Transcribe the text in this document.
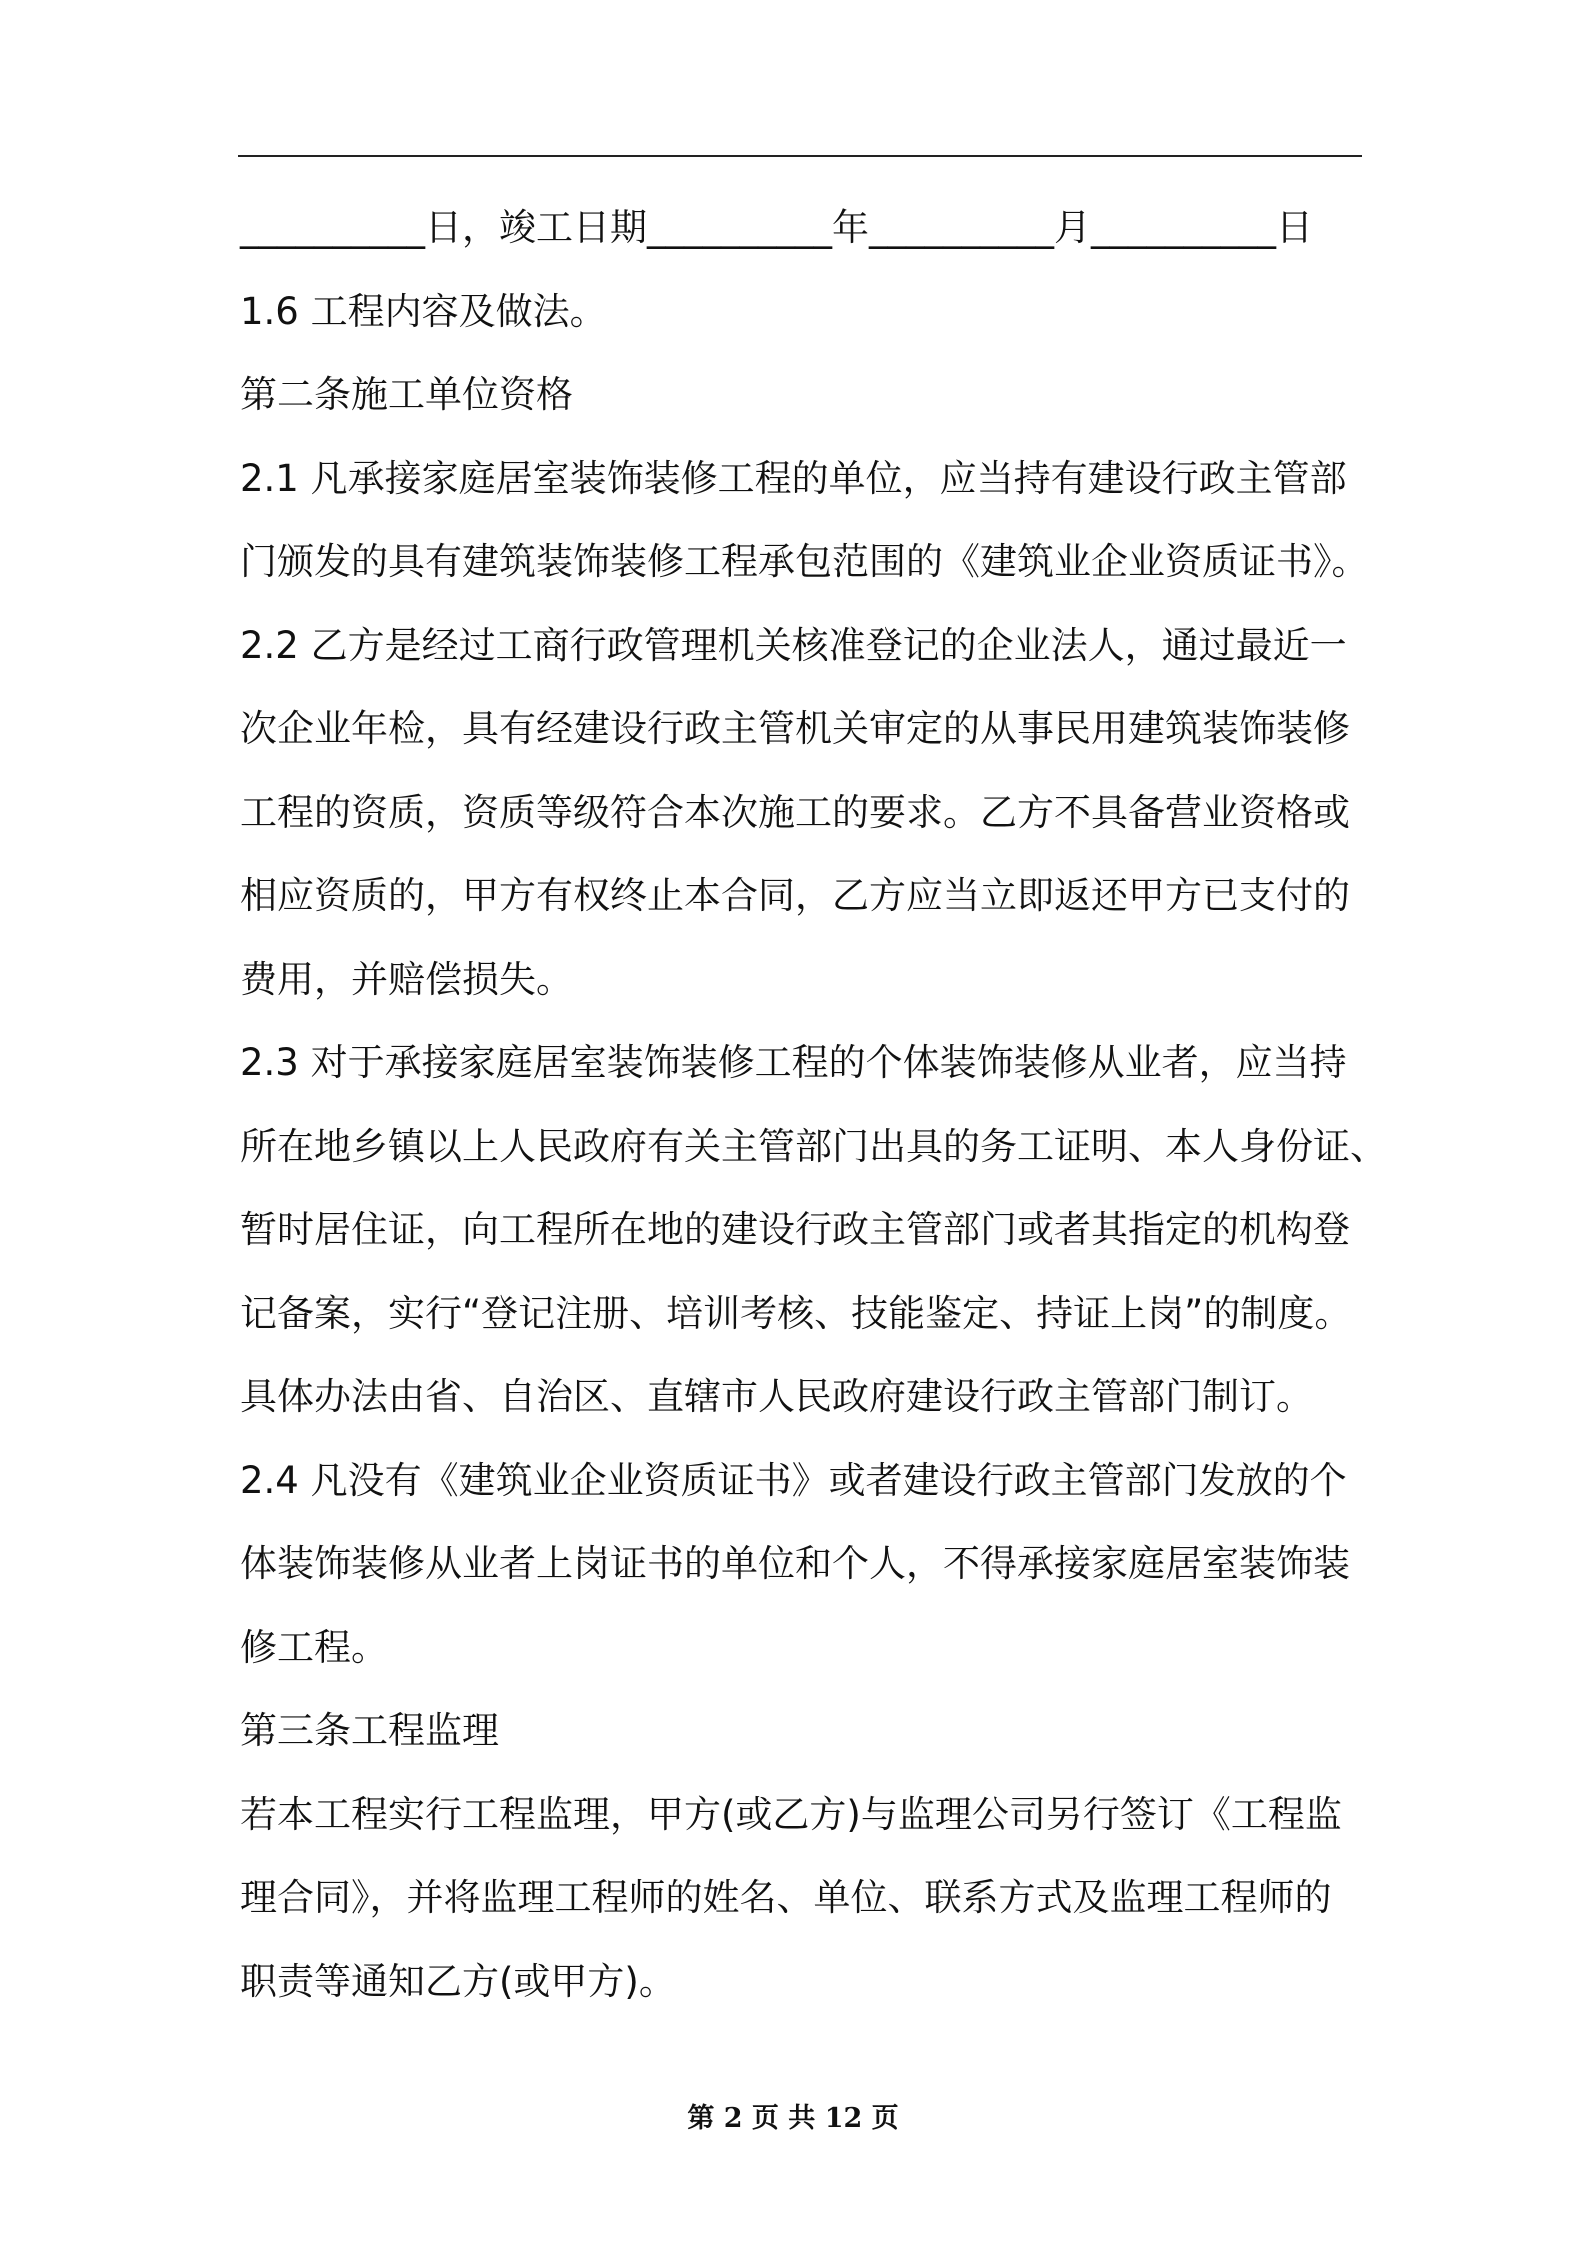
__________日，竣工日期__________年__________月__________日
1.6 工程内容及做法。
第二条施工单位资格
2.1 凡承接家庭居室装饰装修工程的单位，应当持有建设行政主管部
门颁发的具有建筑装饰装修工程承包范围的《建筑业企业资质证书》。
2.2 乙方是经过工商行政管理机关核准登记的企业法人，通过最近一
次企业年检，具有经建设行政主管机关审定的从事民用建筑装饰装修
工程的资质，资质等级符合本次施工的要求。乙方不具备营业资格或
相应资质的，甲方有权终止本合同，乙方应当立即返还甲方已支付的
费用，并赔偿损失。
2.3 对于承接家庭居室装饰装修工程的个体装饰装修从业者，应当持
所在地乡镇以上人民政府有关主管部门出具的务工证明、本人身份证、
暂时居住证，向工程所在地的建设行政主管部门或者其指定的机构登
记备案，实行“登记注册、培训考核、技能鉴定、持证上岗”的制度。
具体办法由省、自治区、直辖市人民政府建设行政主管部门制订。
2.4 凡没有《建筑业企业资质证书》或者建设行政主管部门发放的个
体装饰装修从业者上岗证书的单位和个人，不得承接家庭居室装饰装
修工程。
第三条工程监理
若本工程实行工程监理，甲方(或乙方)与监理公司另行签订《工程监
理合同》，并将监理工程师的姓名、单位、联系方式及监理工程师的
职责等通知乙方(或甲方)。
第 2 页 共 12 页
